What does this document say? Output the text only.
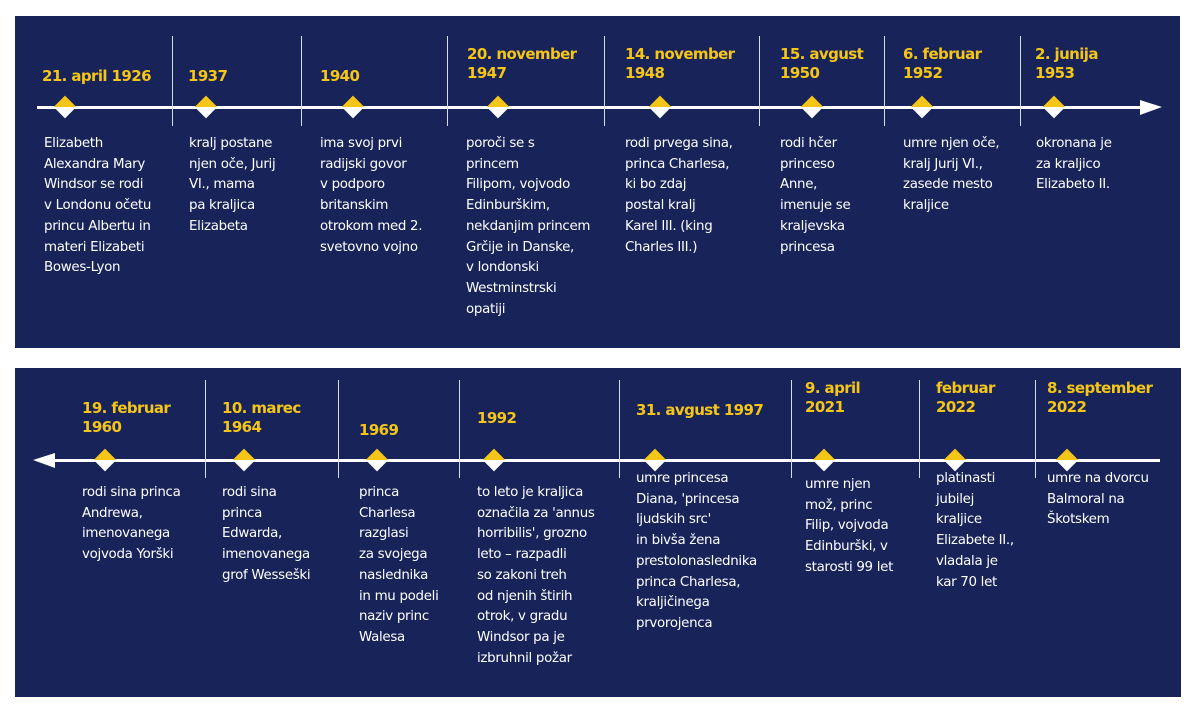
21. april 1926
Elizabeth
Alexandra Mary
Windsor se rodi
v Londonu očetu
princu Albertu in
materi Elizabeti
Bowes-Lyon
1937
kralj postane
njen oče, Jurij
VI., mama
pa kraljica
Elizabeta
1940
ima svoj prvi
radijski govor
v podporo
britanskim
otrokom med 2.
svetovno vojno
20. november
1947
poroči se s
princem
Filipom, vojvodo
Edinburškim,
nekdanjim princem
Grčije in Danske,
v londonski
Westminstrski
opatiji
14. november
1948
rodi prvega sina,
princa Charlesa,
ki bo zdaj
postal kralj
Karel III. (king
Charles III.)
15. avgust
1950
rodi hčer
princeso
Anne,
imenuje se
kraljevska
princesa
6. februar
1952
umre njen oče,
kralj Jurij VI.,
zasede mesto
kraljice
2. junija
1953
okronana je
za kraljico
Elizabeto II.
19. februar
1960
rodi sina princa
Andrewa,
imenovanega
vojvoda Yorški
10. marec
1964
rodi sina
princa
Edwarda,
imenovanega
grof Wesseški
1969
princa
Charlesa
razglasi
za svojega
naslednika
in mu podeli
naziv princ
Walesa
1992
to leto je kraljica
označila za 'annus
horribilis', grozno
leto – razpadli
so zakoni treh
od njenih štirih
otrok, v gradu
Windsor pa je
izbruhnil požar
31. avgust 1997
umre princesa
Diana, 'princesa
ljudskih src'
in bivša žena
prestolonaslednika
princa Charlesa,
kraljičinega
prvorojenca
9. april
2021
umre njen
mož, princ
Filip, vojvoda
Edinburški, v
starosti 99 let
februar
2022
platinasti
jubilej
kraljice
Elizabete II.,
vladala je
kar 70 let
8. september
2022
umre na dvorcu
Balmoral na
Škotskem
